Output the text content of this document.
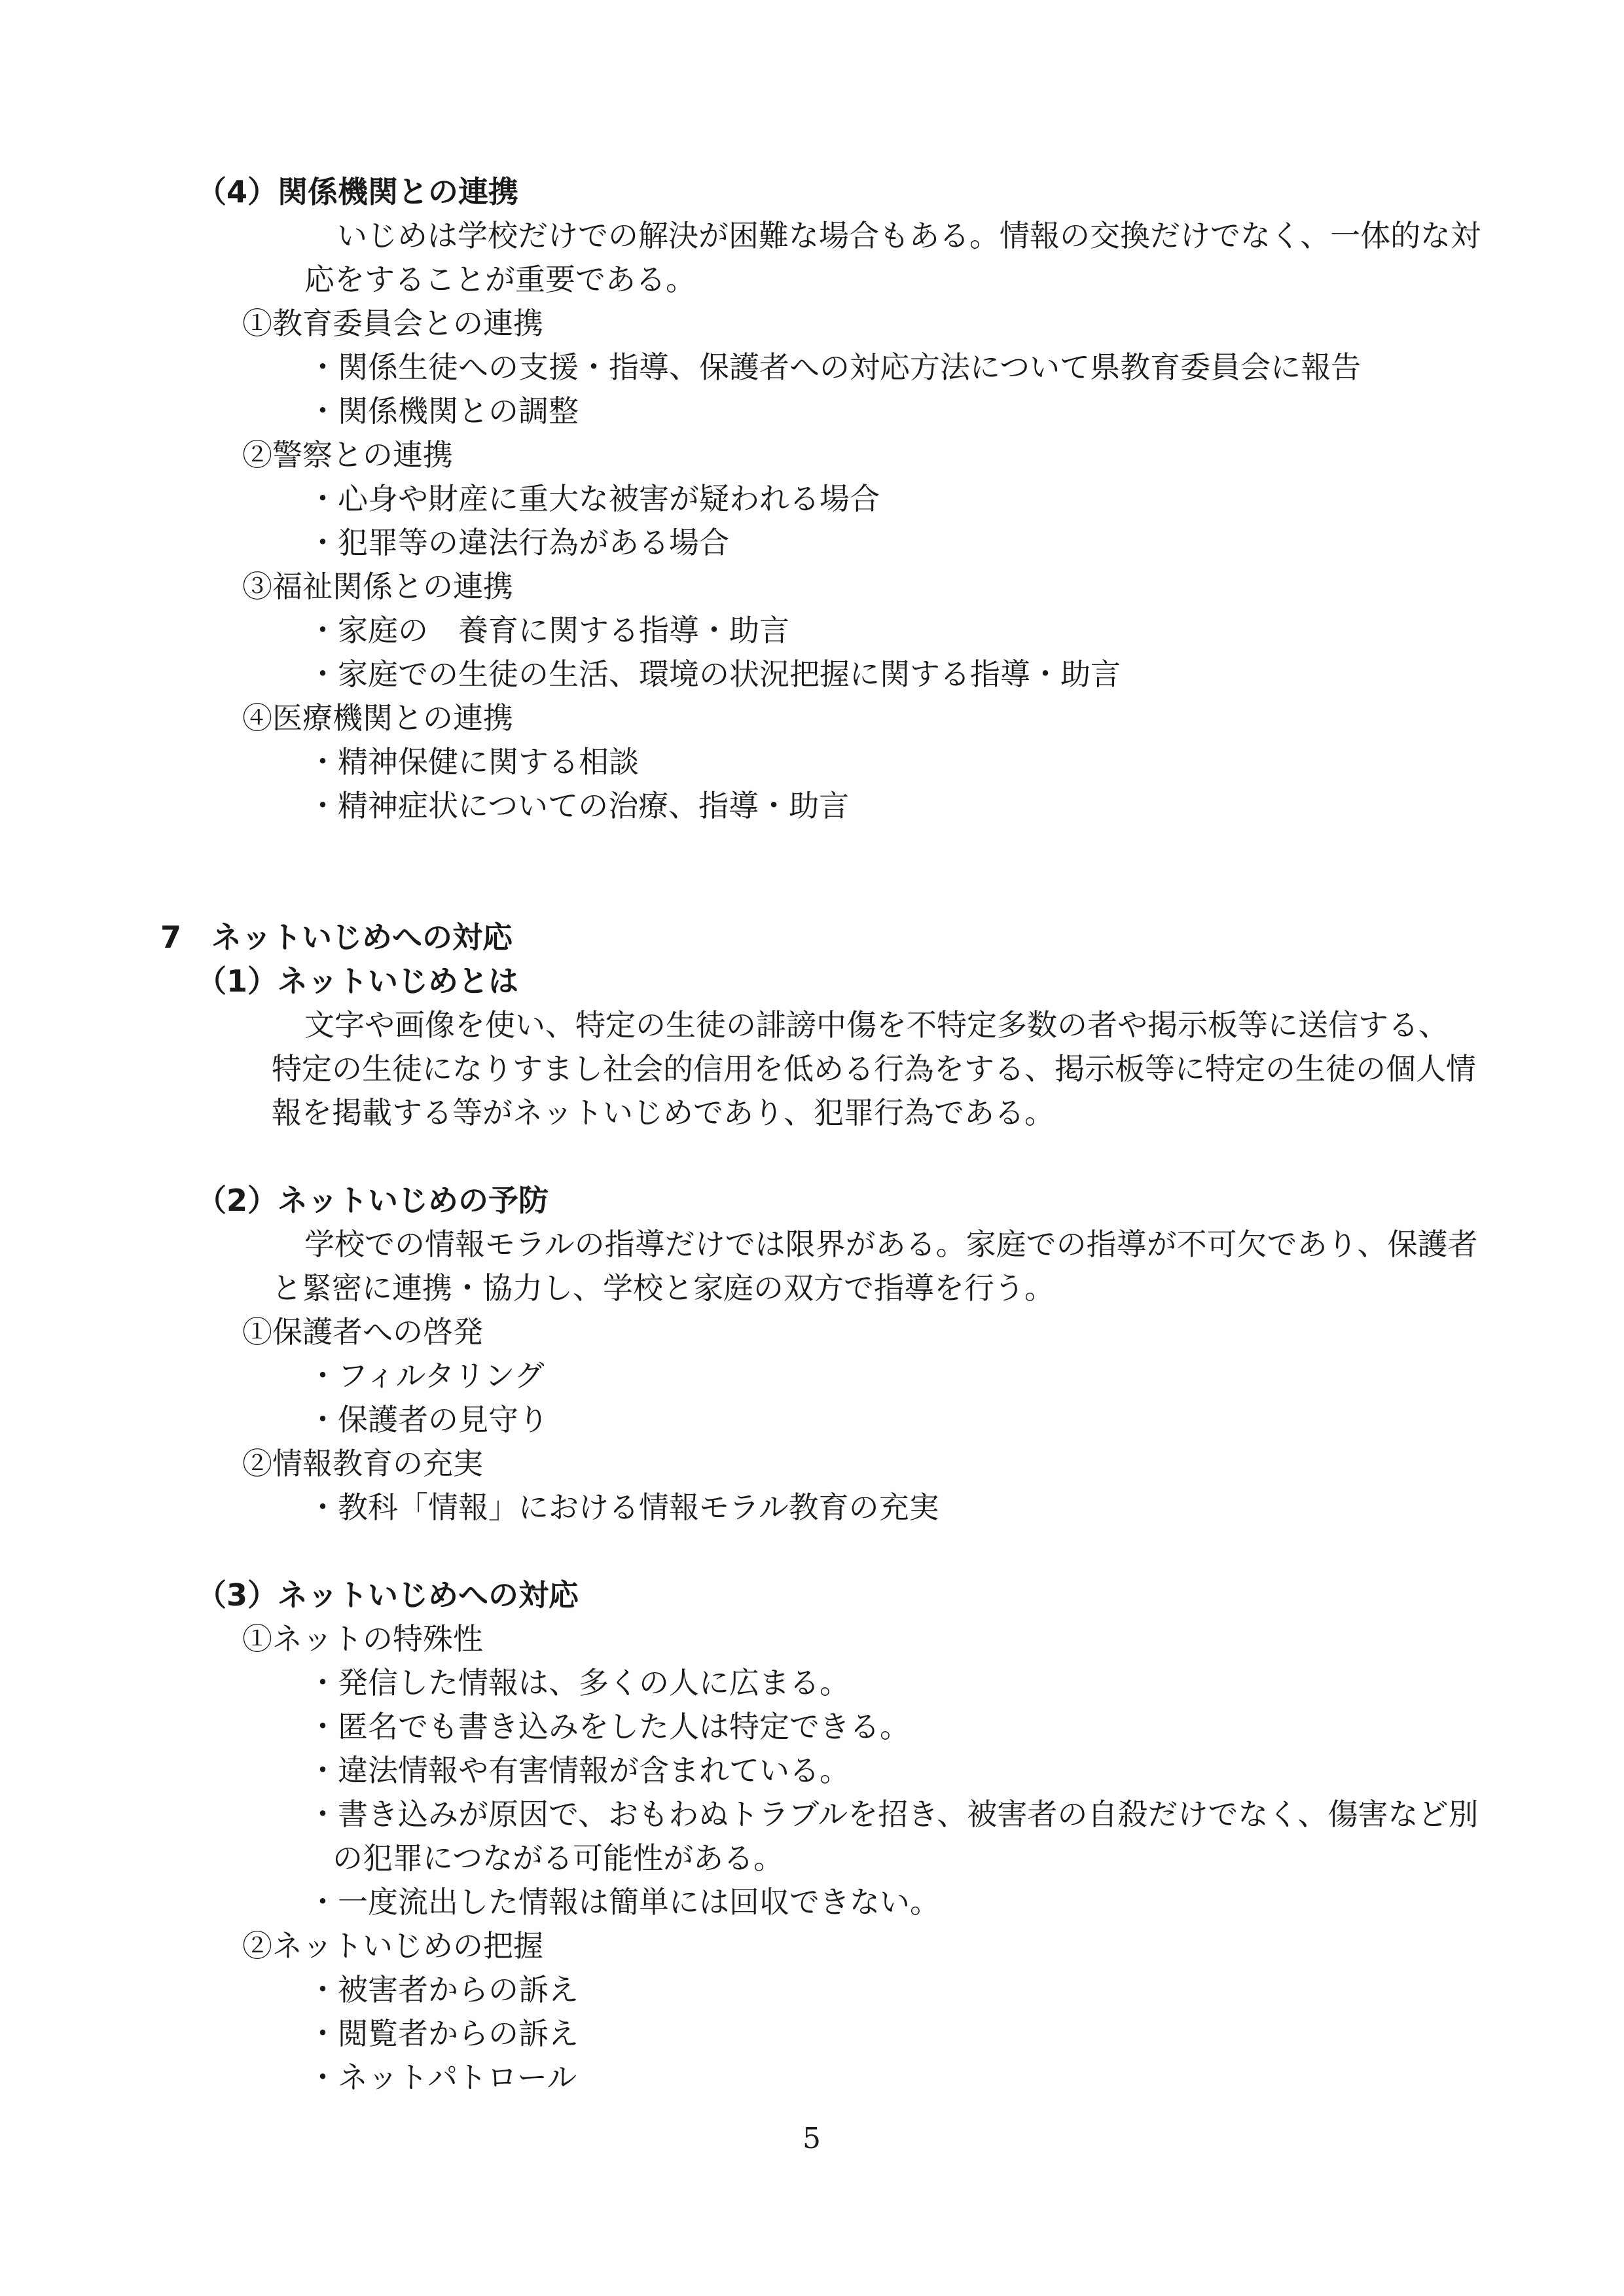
（4）関係機関との連携
いじめは学校だけでの解決が困難な場合もある。情報の交換だけでなく、一体的な対
応をすることが重要である。
①教育委員会との連携
・関係生徒への支援・指導、保護者への対応方法について県教育委員会に報告
・関係機関との調整
②警察との連携
・心身や財産に重大な被害が疑われる場合
・犯罪等の違法行為がある場合
③福祉関係との連携
・家庭の　養育に関する指導・助言
・家庭での生徒の生活、環境の状況把握に関する指導・助言
④医療機関との連携
・精神保健に関する相談
・精神症状についての治療、指導・助言
7　ネットいじめへの対応
（1）ネットいじめとは
文字や画像を使い、特定の生徒の誹謗中傷を不特定多数の者や掲示板等に送信する、
特定の生徒になりすまし社会的信用を低める行為をする、掲示板等に特定の生徒の個人情
報を掲載する等がネットいじめであり、犯罪行為である。
（2）ネットいじめの予防
学校での情報モラルの指導だけでは限界がある。家庭での指導が不可欠であり、保護者
と緊密に連携・協力し、学校と家庭の双方で指導を行う。
①保護者への啓発
・フィルタリング
・保護者の見守り
②情報教育の充実
・教科「情報」における情報モラル教育の充実
（3）ネットいじめへの対応
①ネットの特殊性
・発信した情報は、多くの人に広まる。
・匿名でも書き込みをした人は特定できる。
・違法情報や有害情報が含まれている。
・書き込みが原因で、おもわぬトラブルを招き、被害者の自殺だけでなく、傷害など別
の犯罪につながる可能性がある。
・一度流出した情報は簡単には回収できない。
②ネットいじめの把握
・被害者からの訴え
・閲覧者からの訴え
・ネットパトロール
5
